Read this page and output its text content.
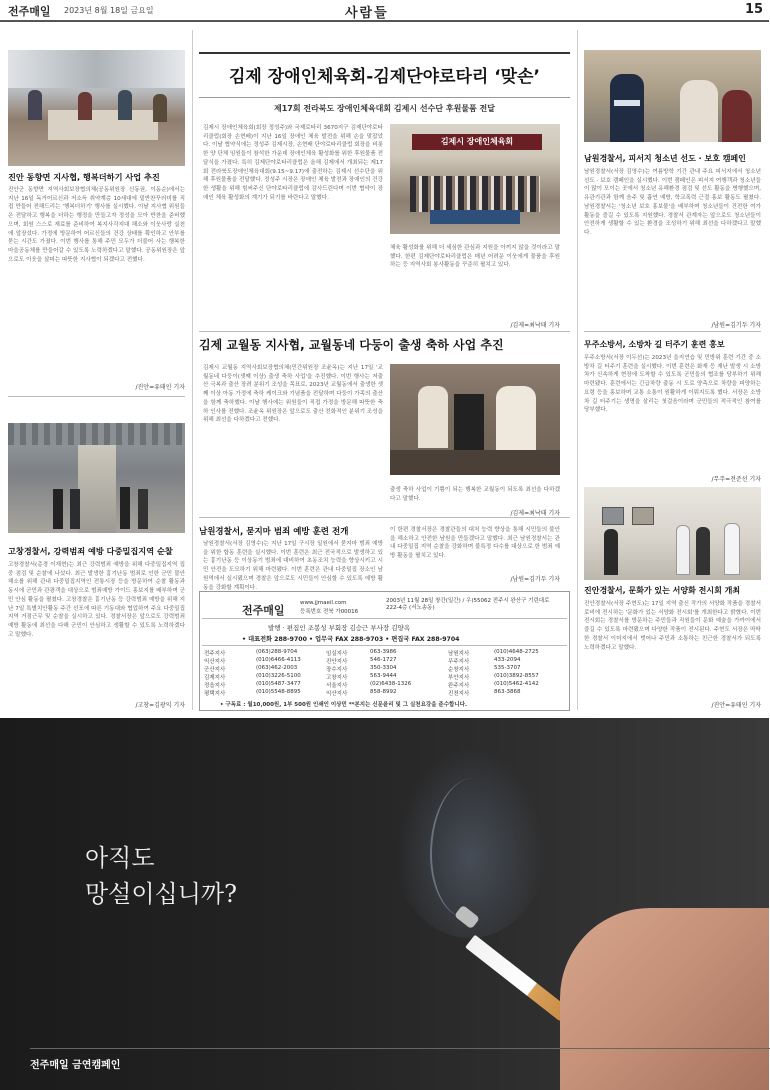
전주매일 2023년 8월 18일 금요일	사람들	15
진안 동향면 지사협, 행복더하기 사업 추진
진안군 동향면 지역사회보장협의체(공동위원장 신동권, 이동순)에서는 지난 16일 독거어르신과 저소득 취약계층 10세대에 밑반찬꾸러미를 직접 만들어 전해드리는 '행복더하기' 행사를 실시했다. 이날 지사협 위원들은 전달하고 행복을 더하는 행정을 만들고자 정성을 모아 반찬을 준비했으며, 회원 스스로 재료를 준비하여 복지사각지대 해소와 이웃사랑 실천에 앞장섰다. 가정에 방문하여 어르신들의 건강 상태를 확인하고 안부를 묻는 시간도 가졌다. 이번 행사를 통해 주민 모두가 더불어 사는 행복한 마을공동체를 만들어갈 수 있도록 노력하겠다고 말했다. 공동위원장은 앞으로도 이웃을 살피는 따뜻한 지사협이 되겠다고 전했다.
/진안=유태인 기자
고창경찰서, 강력범죄 예방 다중밀집지역 순찰
고창경찰서(총경 이재현)는 최근 강력범죄 예방을 위해 다중밀집지역 집중 점검 및 순찰에 나섰다. 최근 발생한 흉기난동 범죄로 인한 군민 불안 해소를 위해 관내 다중밀집지역인 전통시장 등을 방문하여 순찰 활동과 동시에 군민과 관광객을 대상으로 범죄예방 가이드 홍보지를 배부하며 군민 안심 활동을 펼쳤다. 고창경찰은 흉기난동 등 강력범죄 예방을 위해 지난 7일 특별치안활동 주간 선포에 따른 기동대와 협업하여 주요 다중밀집지역 거점근무 및 순찰을 실시하고 있다. 경찰서장은 앞으로도 강력범죄 예방 활동에 최선을 다해 군민이 안심하고 생활할 수 있도록 노력하겠다고 말했다.
/고창=김광익 기자
김제 장애인체육회-김제단야로타리 ‘맞손’
제17회 전라북도 장애인체육대회 김제시 선수단 후원물품 전달
김제시 장애인체육회(회장 정성주)와 국제로타리 3670지구 김제단야로타리클럽(회장 손현배)이 지난 16일 장애인 체육 발전을 위해 손을 맞잡았다. 이날 협약식에는 정성주 김제시장, 손현배 단야로타리클럽 회장을 비롯한 양 단체 임원들이 참석한 가운데 장애인체육 활성화를 위한 후원물품 전달식을 가졌다. 특히 김제단야로타리클럽은 올해 김제에서 개최되는 제17회 전라북도장애인체육대회(9.15~9.17)에 출전하는 김제시 선수단을 위해 후원물품을 전달했다. 정성주 시장은 장애인 체육 발전과 장애인의 건강한 생활을 위해 힘써주신 단야로타리클럽에 감사드린다며 이번 협약이 장애인 체육 활성화의 계기가 되기를 바란다고 말했다.
김제시 장애인체육회
체육 활성화를 위해 더 세심한 관심과 지원을 아끼지 않을 것이라고 말했다. 한편 김제단야로타리클럽은 매년 어려운 이웃에게 물품을 후원하는 등 지역사회 봉사활동을 꾸준히 펼치고 있다.
/김제=최낙태 기자
김제 교월동 지사협, 교월동네 다둥이 출생 축하 사업 추진
김제시 교월동 지역사회보장협의체(민간위원장 조윤옥)는 지난 17일 '교월동네 다둥이(셋째 이상) 출생 축하 사업'을 추진했다. 이번 행사는 저출산 극복과 출산 장려 분위기 조성을 목표로, 2023년 교월동에서 출생한 셋째 이상 아동 가정에 축하 케이크와 기념품을 전달하며 다둥이 가족의 출산을 함께 축하했다. 이날 행사에는 위원들이 직접 가정을 방문해 따뜻한 축하 인사를 전했다. 조윤옥 위원장은 앞으로도 출산 친화적인 분위기 조성을 위해 최선을 다하겠다고 전했다.
출생 축하 사업이 기쁨이 되는 행복한 교월동이 되도록 최선을 다하겠다고 말했다.
/김제=최낙태 기자
남원경찰서, 묻지마 범죄 예방 훈련 전개
남원경찰서(서장 김영수)는 지난 17일 구시장 일원에서 묻지마 범죄 예방을 위한 합동 훈련을 실시했다. 이번 훈련은 최근 전국적으로 발생하고 있는 흉기난동 등 이상동기 범죄에 대비하여 초동조치 능력을 향상시키고 시민 안전을 도모하기 위해 마련됐다. 이번 훈련은 관내 다중밀집 장소인 남원역에서 실시됐으며 경찰은 앞으로도 시민들이 안심할 수 있도록 예방 활동을 강화할 계획이다.
이 한편 경찰서장은 경찰관들의 대처 능력 향상을 통해 시민들의 불안을 해소하고 안전한 남원을 만들겠다고 말했다. 최근 남원경찰서는 관내 다중밀집 지역 순찰을 강화하며 불특정 다수를 대상으로 한 범죄 예방 활동을 펼치고 있다.
/남원=김기두 기자
전주매일
www.jjmaeil.com
등록번호 전북 가00016
2003년 11월 28일 창간(일간) / 우)55062 전주시 완산구 기린대로 222-4층 (서노송동)
발행 · 편집인 조봉성 부회장 김승근 부사장 김양옥
• 대표전화 288-9700 • 업무국 FAX 288-9703 • 편집국 FAX 288-9704
전주지사	(063)288-9704	임실지사	063-3986	남원지사	(010)4648-2725
익산지사	(010)6466-4113	진안지사	546-1727	무주지사	433-2094
군산지사	(063)462-2003	장수지사	350-3304	순창지사	535-3707
김제지사	(010)3226-5100	고창지사	563-9444	부안지사	(010)3892-8557
정읍지사	(010)5487-3477	서울지사	(02)6438-1326	완주지사	(010)5462-4142
평택지사	(010)5548-8895	익산지사	858-8992	진천지사	863-3868
• 구독료 : 월10,000원, 1부 500원 인쇄인 이상민 **본지는 신문윤리 및 그 실천요강을 준수합니다.
남원경찰서, 피서지 청소년 선도 · 보호 캠페인
남원경찰서(서장 김영수)는 여름방학 기간 관내 주요 피서지에서 청소년 선도 · 보호 캠페인을 실시했다. 이번 캠페인은 피서지 여행객과 청소년들이 많이 모이는 곳에서 청소년 유해환경 점검 및 선도 활동을 병행했으며, 유관기관과 함께 음주 및 흡연 예방, 학교폭력 근절 홍보 활동도 펼쳤다. 남원경찰서는 '청소년 보호 홍보물'을 배부하며 청소년들이 건전한 여가 활동을 즐길 수 있도록 지원했다. 경찰서 관계자는 앞으로도 청소년들이 안전하게 생활할 수 있는 환경을 조성하기 위해 최선을 다하겠다고 말했다.
/남원=김기두 기자
무주소방서, 소방차 길 터주기 훈련 홍보
무주소방서(서장 이두선)는 2023년 을지연습 및 민방위 훈련 기간 중 소방차 길 터주기 훈련을 실시했다. 이번 훈련은 화재 등 재난 발생 시 소방차가 신속하게 현장에 도착할 수 있도록 군민들의 협조를 당부하기 위해 마련됐다. 훈련에서는 긴급차량 출동 시 도로 양측으로 차량을 피양하는 요령 등을 홍보하며 교통 소통이 원활하게 이뤄지도록 했다. 서장은 소방차 길 터주기는 생명을 살리는 첫걸음이라며 군민들의 적극적인 참여를 당부했다.
/무주=전준선 기자
진안경찰서, 문화가 있는 서양화 전시회 개최
진안경찰서(서장 주현도)는 17일 지역 출신 작가의 서양화 작품을 경찰서 로비에 전시하는 '문화가 있는 서양화 전시회'를 개최한다고 밝혔다. 이번 전시회는 경찰서를 방문하는 주민들과 직원들이 문화 예술을 가까이에서 즐길 수 있도록 마련됐으며 다양한 작품이 전시된다. 주현도 서장은 딱딱한 경찰서 이미지에서 벗어나 주민과 소통하는 친근한 경찰서가 되도록 노력하겠다고 말했다.
/진안=유태인 기자
아직도
망설이십니까?
전주매일 금연캠페인
